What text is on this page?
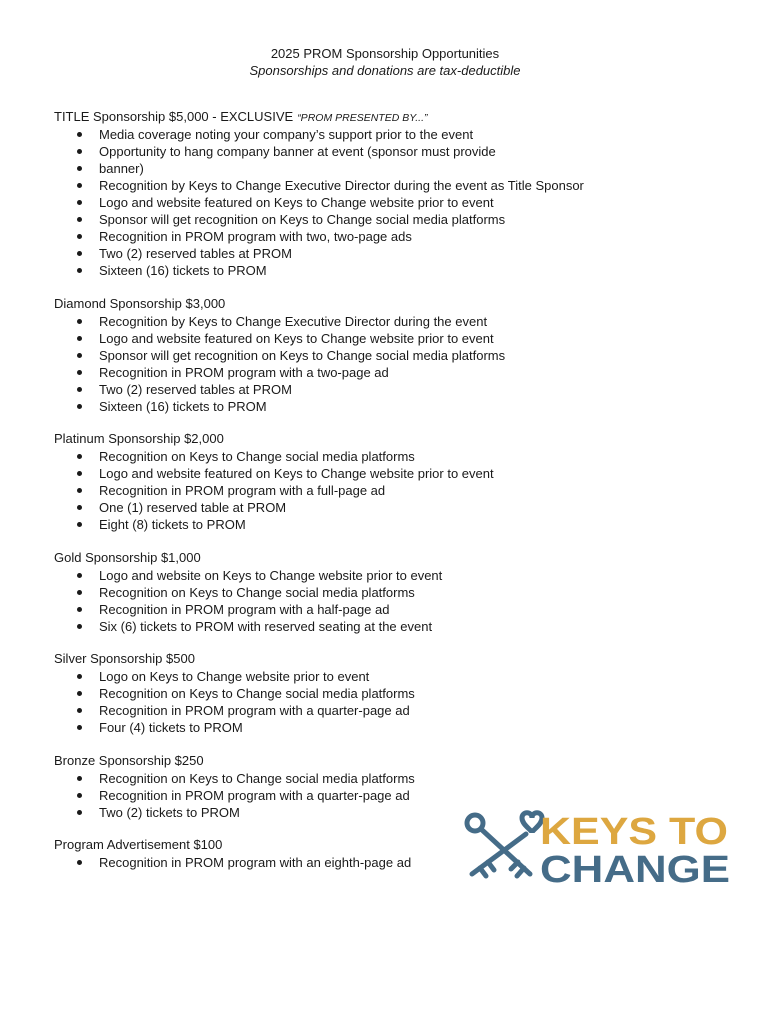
2025 PROM Sponsorship Opportunities
Sponsorships and donations are tax-deductible
TITLE Sponsorship $5,000 - EXCLUSIVE “PROM PRESENTED BY...”
Media coverage noting your company’s support prior to the event
Opportunity to hang company banner at event (sponsor must provide
banner)
Recognition by Keys to Change Executive Director during the event as Title Sponsor
Logo and website featured on Keys to Change website prior to event
Sponsor will get recognition on Keys to Change social media platforms
Recognition in PROM program with two, two-page ads
Two (2) reserved tables at PROM
Sixteen (16) tickets to PROM
Diamond Sponsorship $3,000
Recognition by Keys to Change Executive Director during the event
Logo and website featured on Keys to Change website prior to event
Sponsor will get recognition on Keys to Change social media platforms
Recognition in PROM program with a two-page ad
Two (2) reserved tables at PROM
Sixteen (16) tickets to PROM
Platinum Sponsorship $2,000
Recognition on Keys to Change social media platforms
Logo and website featured on Keys to Change website prior to event
Recognition in PROM program with a full-page ad
One (1) reserved table at PROM
Eight (8) tickets to PROM
Gold Sponsorship $1,000
Logo and website on Keys to Change website prior to event
Recognition on Keys to Change social media platforms
Recognition in PROM program with a half-page ad
Six (6) tickets to PROM with reserved seating at the event
Silver Sponsorship $500
Logo on Keys to Change website prior to event
Recognition on Keys to Change social media platforms
Recognition in PROM program with a quarter-page ad
Four (4) tickets to PROM
Bronze Sponsorship $250
Recognition on Keys to Change social media platforms
Recognition in PROM program with a quarter-page ad
Two (2) tickets to PROM
Program Advertisement $100
Recognition in PROM program with an eighth-page ad
KEYS TO
CHANGE
